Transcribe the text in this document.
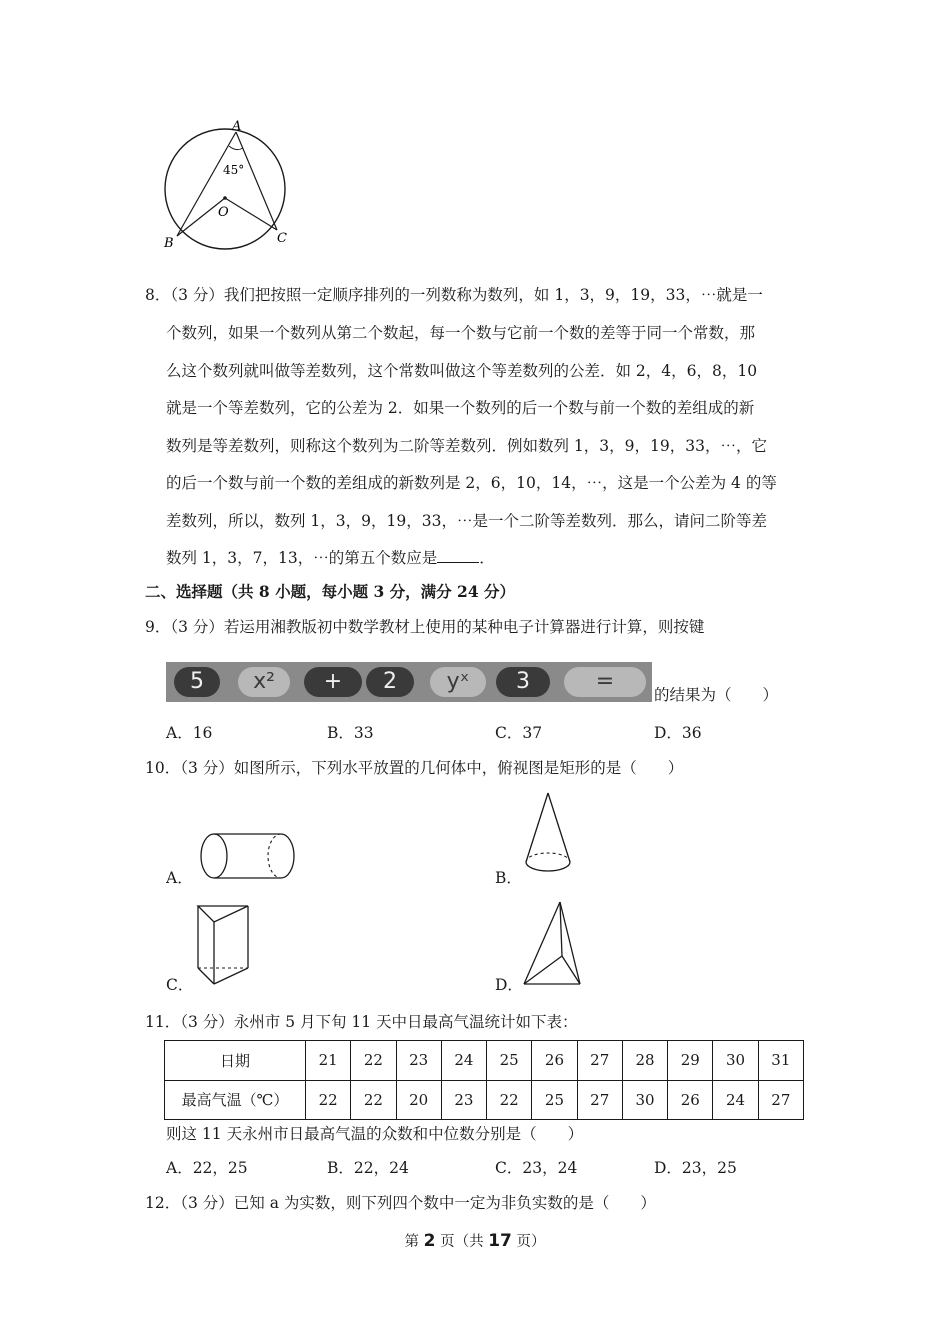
A
45°
O
B	C
8．（3 分）我们把按照一定顺序排列的一列数称为数列，如 1，3，9，19，33，⋯就是一
个数列，如果一个数列从第二个数起，每一个数与它前一个数的差等于同一个常数，那
么这个数列就叫做等差数列，这个常数叫做这个等差数列的公差．如 2，4，6，8，10
就是一个等差数列，它的公差为 2．如果一个数列的后一个数与前一个数的差组成的新
数列是等差数列，则称这个数列为二阶等差数列．例如数列 1，3，9，19，33，⋯，它
的后一个数与前一个数的差组成的新数列是 2，6，10，14，⋯，这是一个公差为 4 的等
差数列，所以，数列 1，3，9，19，33，⋯是一个二阶等差数列．那么，请问二阶等差
数列 1，3，7，13，⋯的第五个数应是	．
二、选择题（共 8 小题，每小题 3 分，满分 24 分）
9．（3 分）若运用湘教版初中数学教材上使用的某种电子计算器进行计算，则按键
5	x²	+	2	yˣ	3	=
的结果为（　　）
A．16	B．33	C．37	D．36
10．（3 分）如图所示，下列水平放置的几何体中，俯视图是矩形的是（　　）
A．	B．
C．	D．
11．（3 分）永州市 5 月下旬 11 天中日最高气温统计如下表：
日期	21	22	23	24	25	26	27	28	29	30	31
最高气温（℃）	22	22	20	23	22	25	27	30	26	24	27
则这 11 天永州市日最高气温的众数和中位数分别是（　　）
A．22，25	B．22，24	C．23，24	D．23，25
12．（3 分）已知 a 为实数，则下列四个数中一定为非负实数的是（　　）
第 2 页（共 17 页）
